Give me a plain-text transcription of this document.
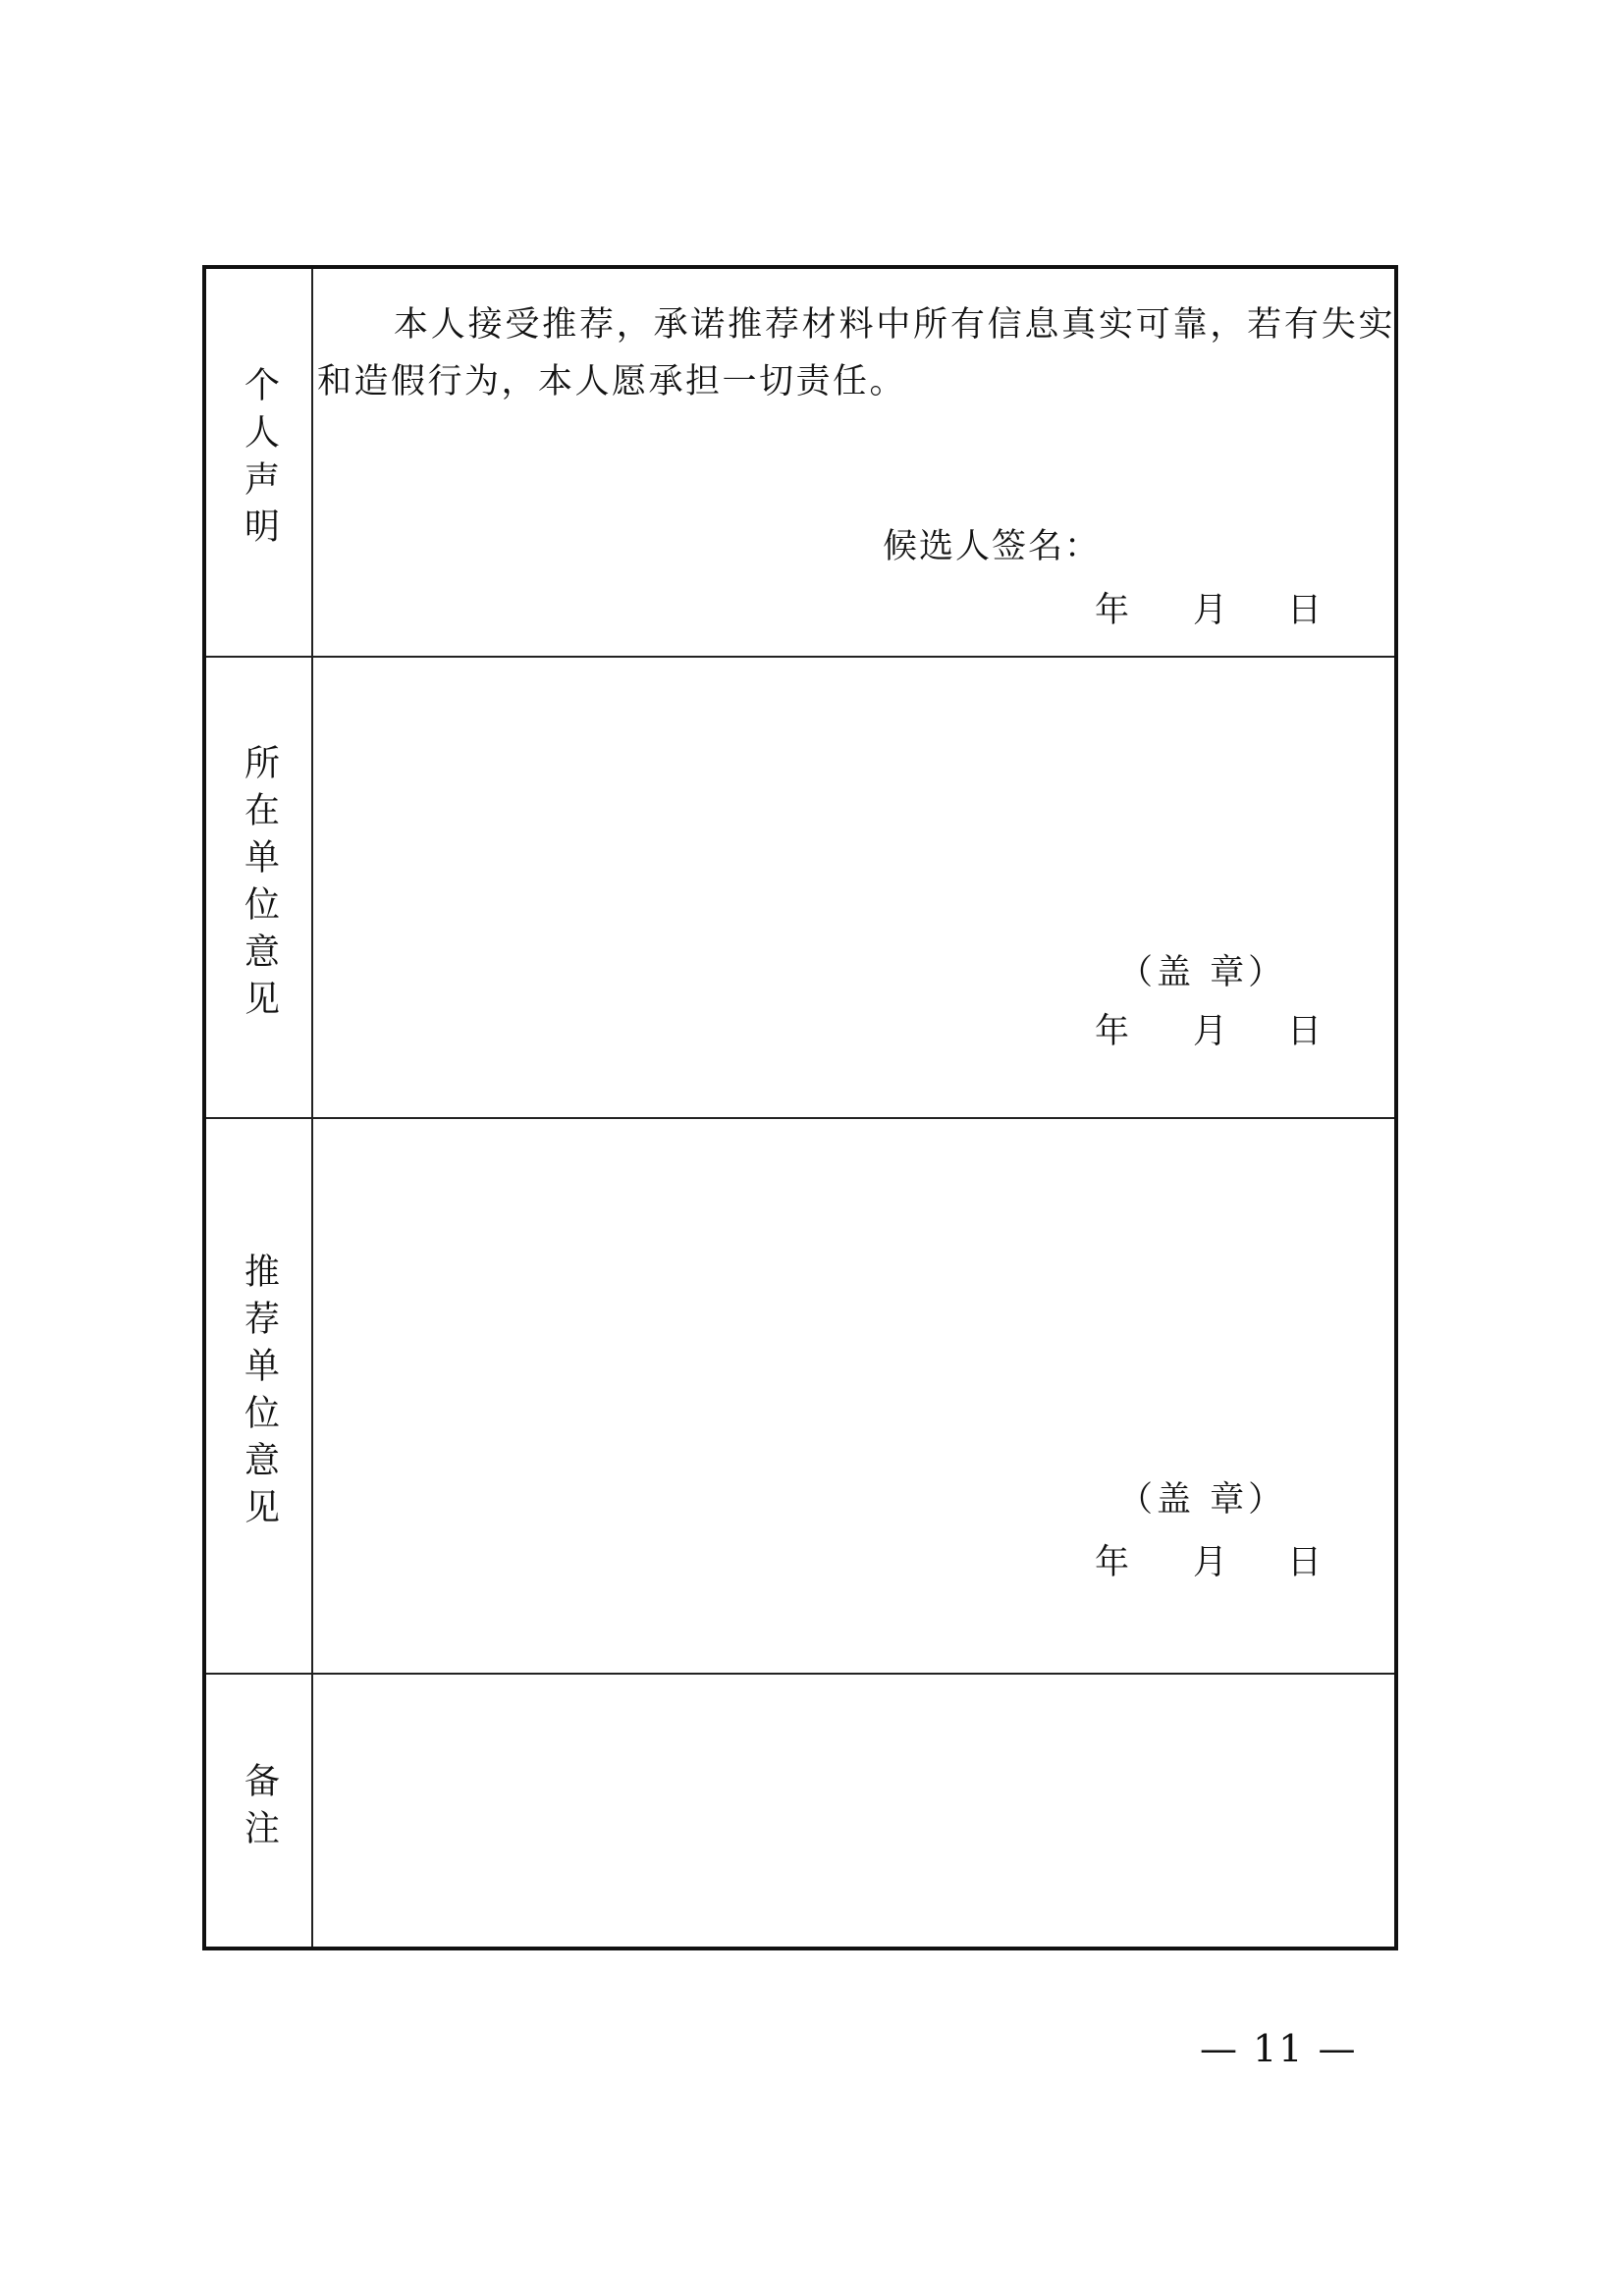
个人声明	本人接受推荐，承诺推荐材料中所有信息真实可靠，若有失实和造假行为，本人愿承担一切责任。
候选人签名：
年 月 日

所在单位意见	（盖 章）
年 月 日

推荐单位意见	（盖 章）
年 月 日

备注	
— 11 —
